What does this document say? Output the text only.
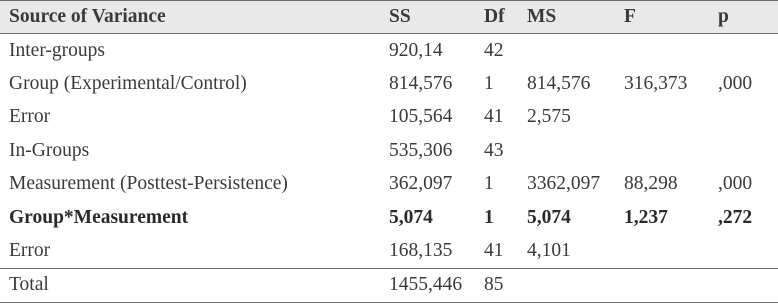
Source of Variance	SS	Df	MS	F	p
Inter-groups	920,14	42			
Group (Experimental/Control)	814,576	1	814,576	316,373	,000
Error	105,564	41	2,575		
In-Groups	535,306	43			
Measurement (Posttest-Persistence)	362,097	1	3362,097	88,298	,000
Group*Measurement	5,074	1	5,074	1,237	,272
Error	168,135	41	4,101		
Total	1455,446	85			
